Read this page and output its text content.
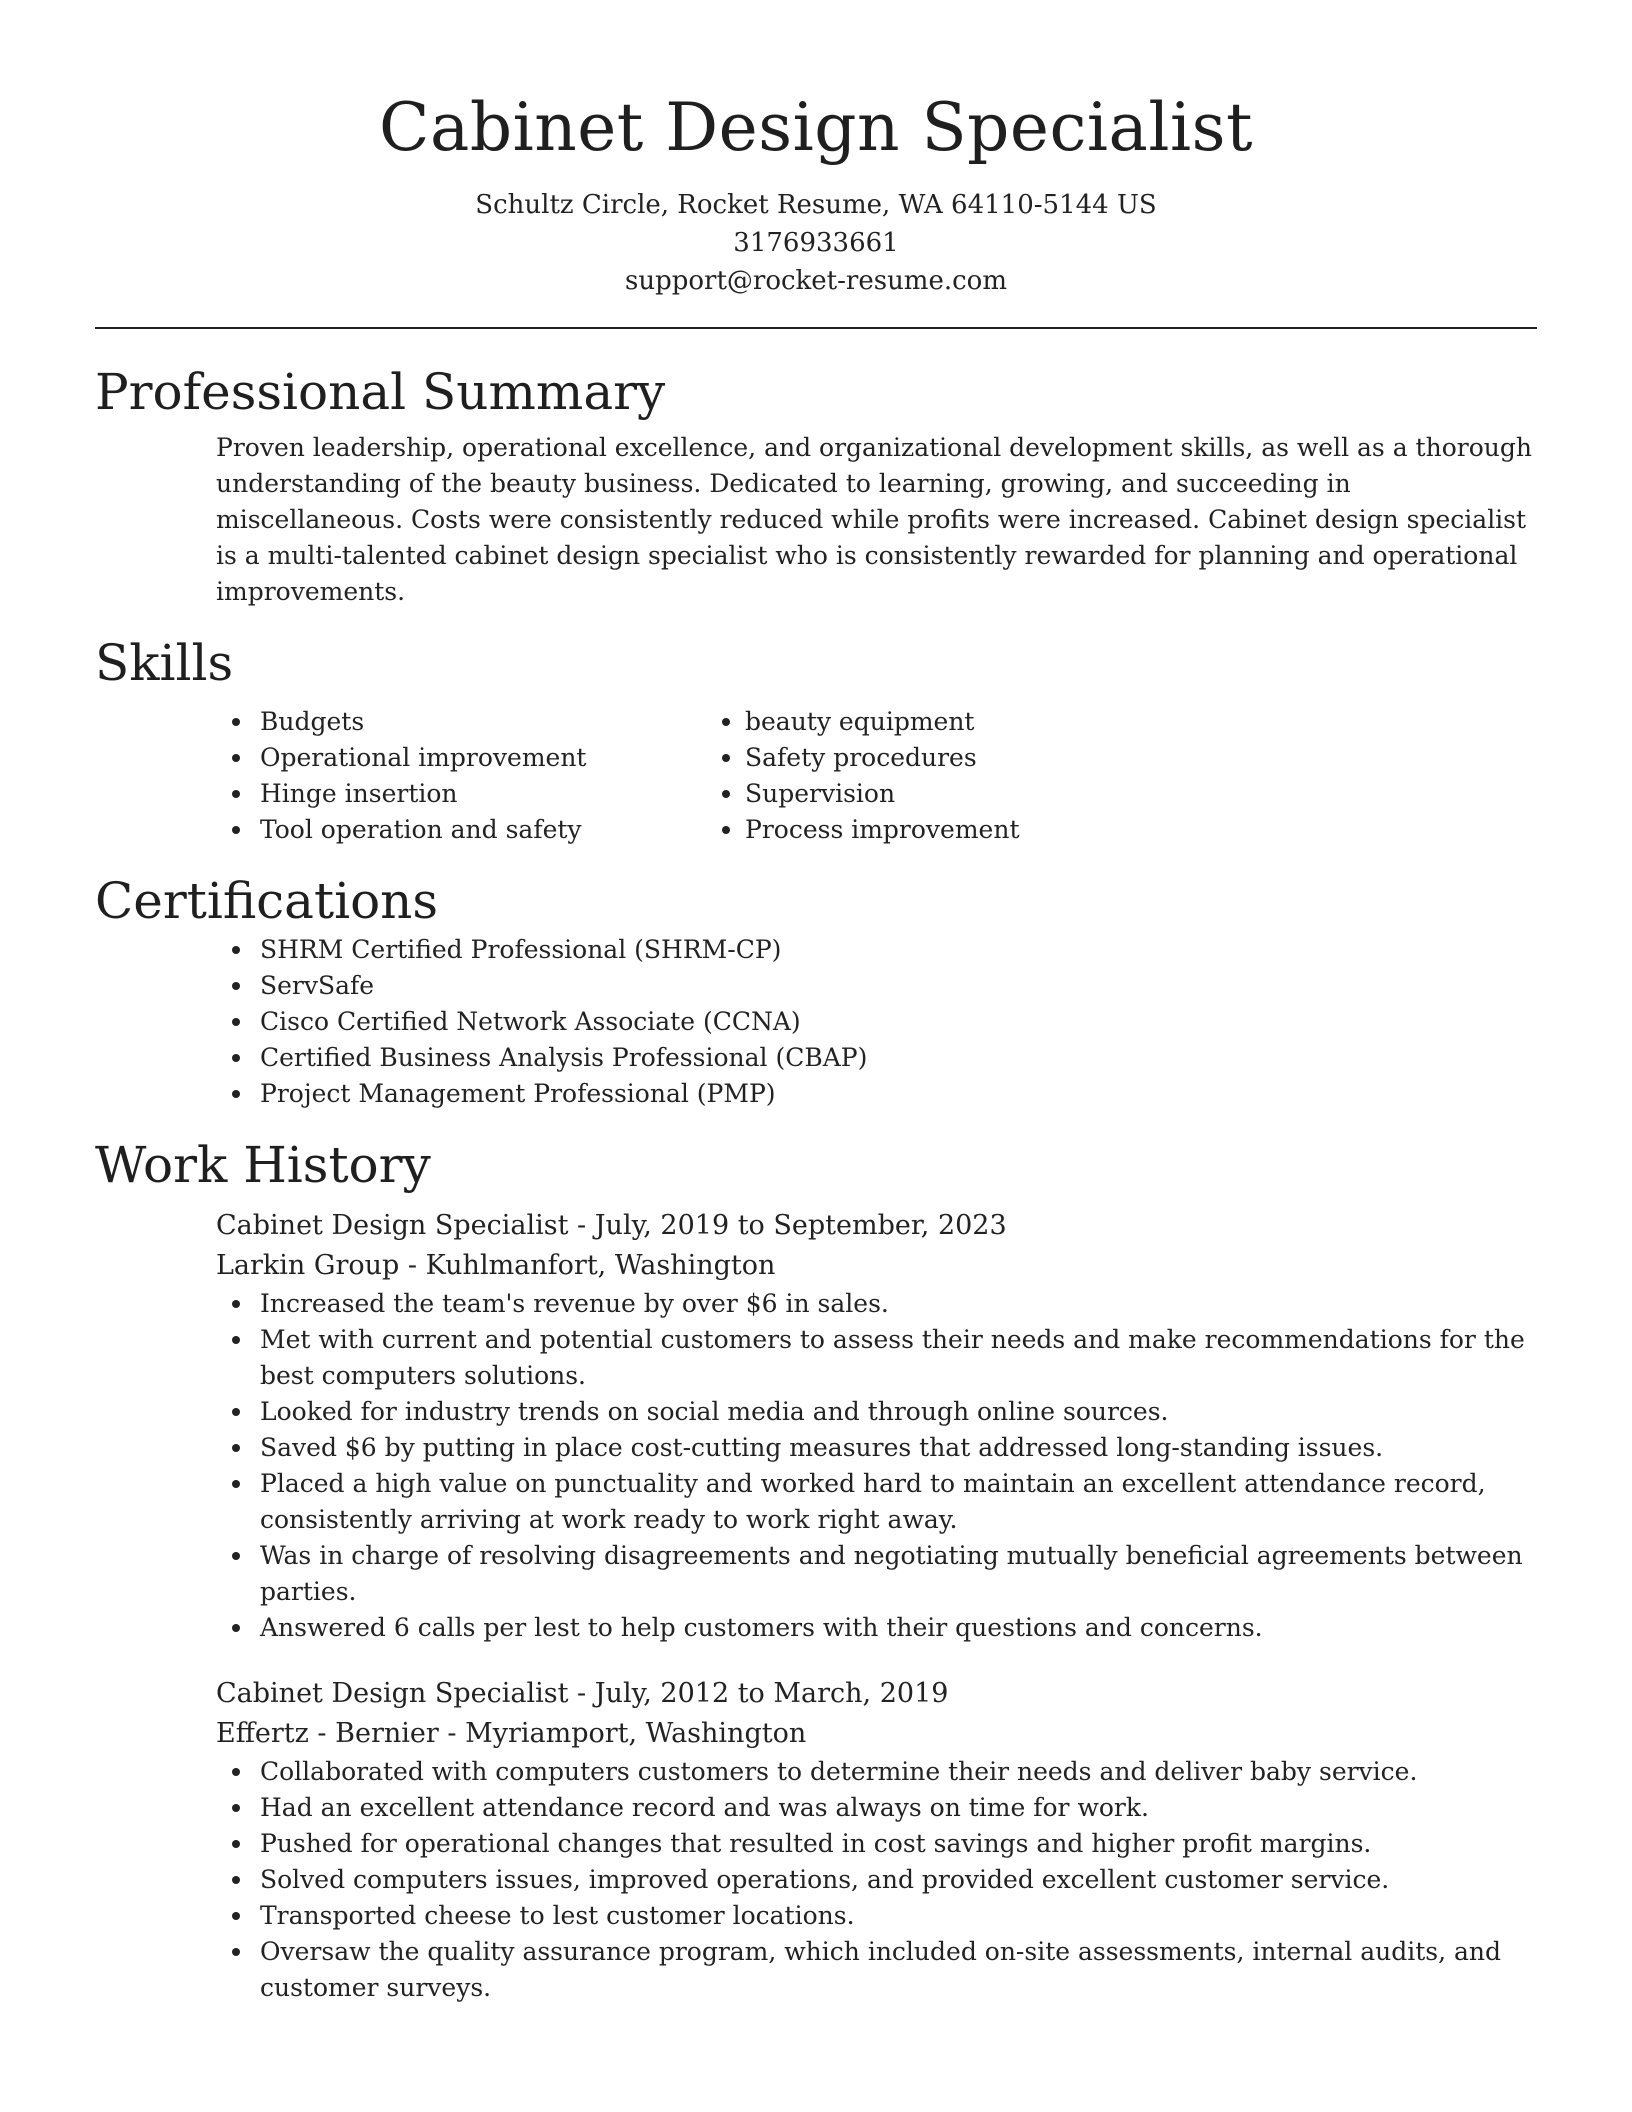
Cabinet Design Specialist

Schultz Circle, Rocket Resume, WA 64110-5144 US

3176933661

support@rocket-resume.com

Professional Summary

Proven leadership, operational excellence, and organizational development skills, as well as a thorough understanding of the beauty business. Dedicated to learning, growing, and succeeding in miscellaneous. Costs were consistently reduced while profits were increased. Cabinet design specialist is a multi-talented cabinet design specialist who is consistently rewarded for planning and operational improvements.

Skills
Budgets
Operational improvement
Hinge insertion
Tool operation and safety
beauty equipment
Safety procedures
Supervision
Process improvement
Certifications
SHRM Certified Professional (SHRM-CP)
ServSafe
Cisco Certified Network Associate (CCNA)
Certified Business Analysis Professional (CBAP)
Project Management Professional (PMP)
Work History

Cabinet Design Specialist - July, 2019 to September, 2023

Larkin Group - Kuhlmanfort, Washington

Increased the team's revenue by over $6 in sales.
Met with current and potential customers to assess their needs and make recommendations for the best computers solutions.
Looked for industry trends on social media and through online sources.
Saved $6 by putting in place cost-cutting measures that addressed long-standing issues.
Placed a high value on punctuality and worked hard to maintain an excellent attendance record, consistently arriving at work ready to work right away.
Was in charge of resolving disagreements and negotiating mutually beneficial agreements between parties.
Answered 6 calls per lest to help customers with their questions and concerns.

Cabinet Design Specialist - July, 2012 to March, 2019

Effertz - Bernier - Myriamport, Washington

Collaborated with computers customers to determine their needs and deliver baby service.
Had an excellent attendance record and was always on time for work.
Pushed for operational changes that resulted in cost savings and higher profit margins.
Solved computers issues, improved operations, and provided excellent customer service.
Transported cheese to lest customer locations.
Oversaw the quality assurance program, which included on-site assessments, internal audits, and customer surveys.
